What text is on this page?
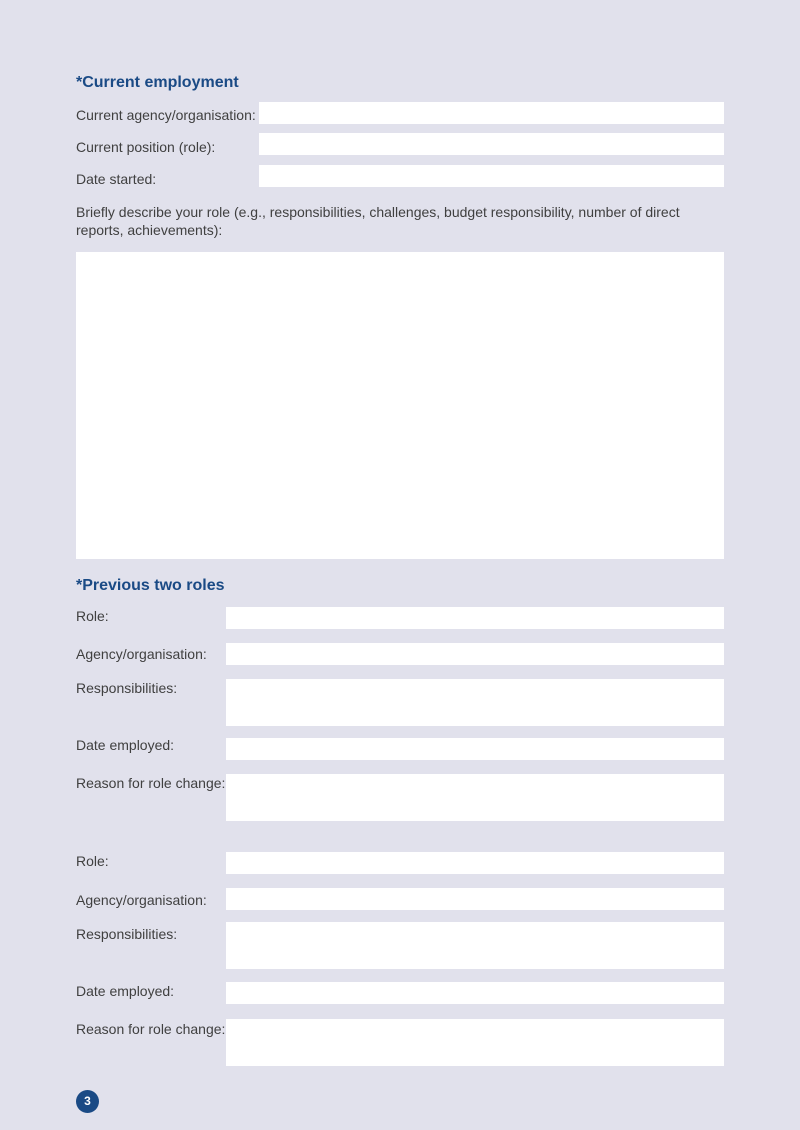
*Current employment
Current agency/organisation:
Current position (role):
Date started:
Briefly describe your role (e.g., responsibilities, challenges, budget responsibility, number of direct reports, achievements):
*Previous two roles
Role:
Agency/organisation:
Responsibilities:
Date employed:
Reason for role change:
Role:
Agency/organisation:
Responsibilities:
Date employed:
Reason for role change:
3
